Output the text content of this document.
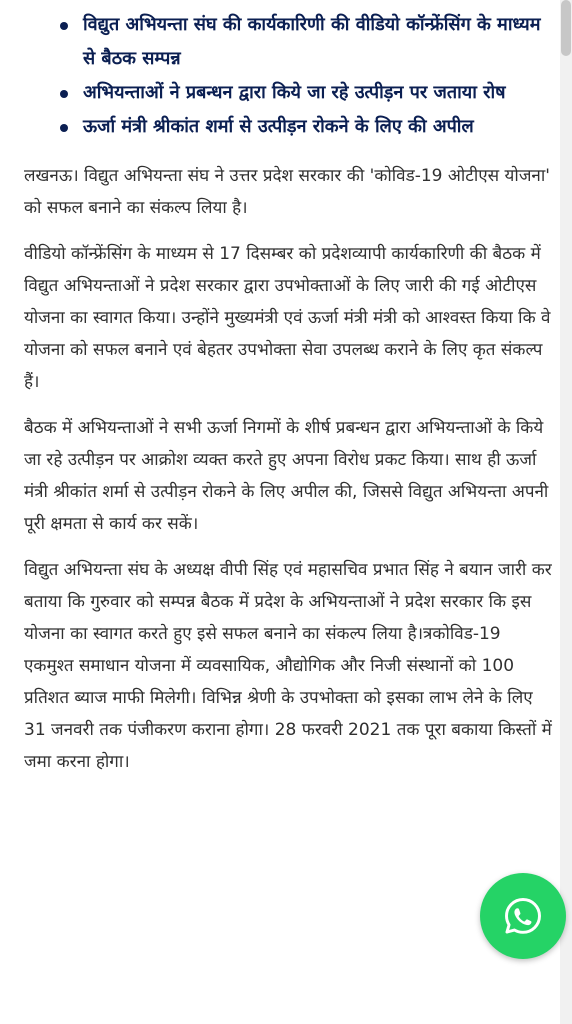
विद्युत अभियन्ता संघ की कार्यकारिणी की वीडियो कॉन्फ्रेंसिंग के माध्यम से बैठक सम्पन्न
अभियन्ताओं ने प्रबन्धन द्वारा किये जा रहे उत्पीड़न पर जताया रोष
ऊर्जा मंत्री श्रीकांत शर्मा से उत्पीड़न रोकने के लिए की अपील

लखनऊ। विद्युत अभियन्ता संघ ने उत्तर प्रदेश सरकार की 'कोविड-19 ओटीएस योजना' को सफल बनाने का संकल्प लिया है।

वीडियो कॉन्फ्रेंसिंग के माध्यम से 17 दिसम्बर को प्रदेशव्यापी कार्यकारिणी की बैठक में विद्युत अभियन्ताओं ने प्रदेश सरकार द्वारा उपभोक्ताओं के लिए जारी की गई ओटीएस योजना का स्वागत किया। उन्होंने मुख्यमंत्री एवं ऊर्जा मंत्री मंत्री को आश्वस्त किया कि वे योजना को सफल बनाने एवं बेहतर उपभोक्ता सेवा उपलब्ध कराने के लिए कृत संकल्प हैं।

बैठक में अभियन्ताओं ने सभी ऊर्जा निगमों के शीर्ष प्रबन्धन द्वारा अभियन्ताओं के किये जा रहे उत्पीड़न पर आक्रोश व्यक्त करते हुए अपना विरोध प्रकट किया। साथ ही ऊर्जा मंत्री श्रीकांत शर्मा से उत्पीड़न रोकने के लिए अपील की, जिससे विद्युत अभियन्ता अपनी पूरी क्षमता से कार्य कर सकें।

विद्युत अभियन्ता संघ के अध्यक्ष वीपी सिंह एवं महासचिव प्रभात सिंह ने बयान जारी कर बताया कि गुरुवार को सम्पन्न बैठक में प्रदेश के अभियन्ताओं ने प्रदेश सरकार कि इस योजना का स्वागत करते हुए इसे सफल बनाने का संकल्प लिया है।त्रकोविड-19 एकमुश्त समाधान योजना में व्यवसायिक, औद्योगिक और निजी संस्थानों को 100 प्रतिशत ब्याज माफी मिलेगी। विभिन्न श्रेणी के उपभोक्ता को इसका लाभ लेने के लिए 31 जनवरी तक पंजीकरण कराना होगा। 28 फरवरी 2021 तक पूरा बकाया किस्तों में जमा करना होगा।
